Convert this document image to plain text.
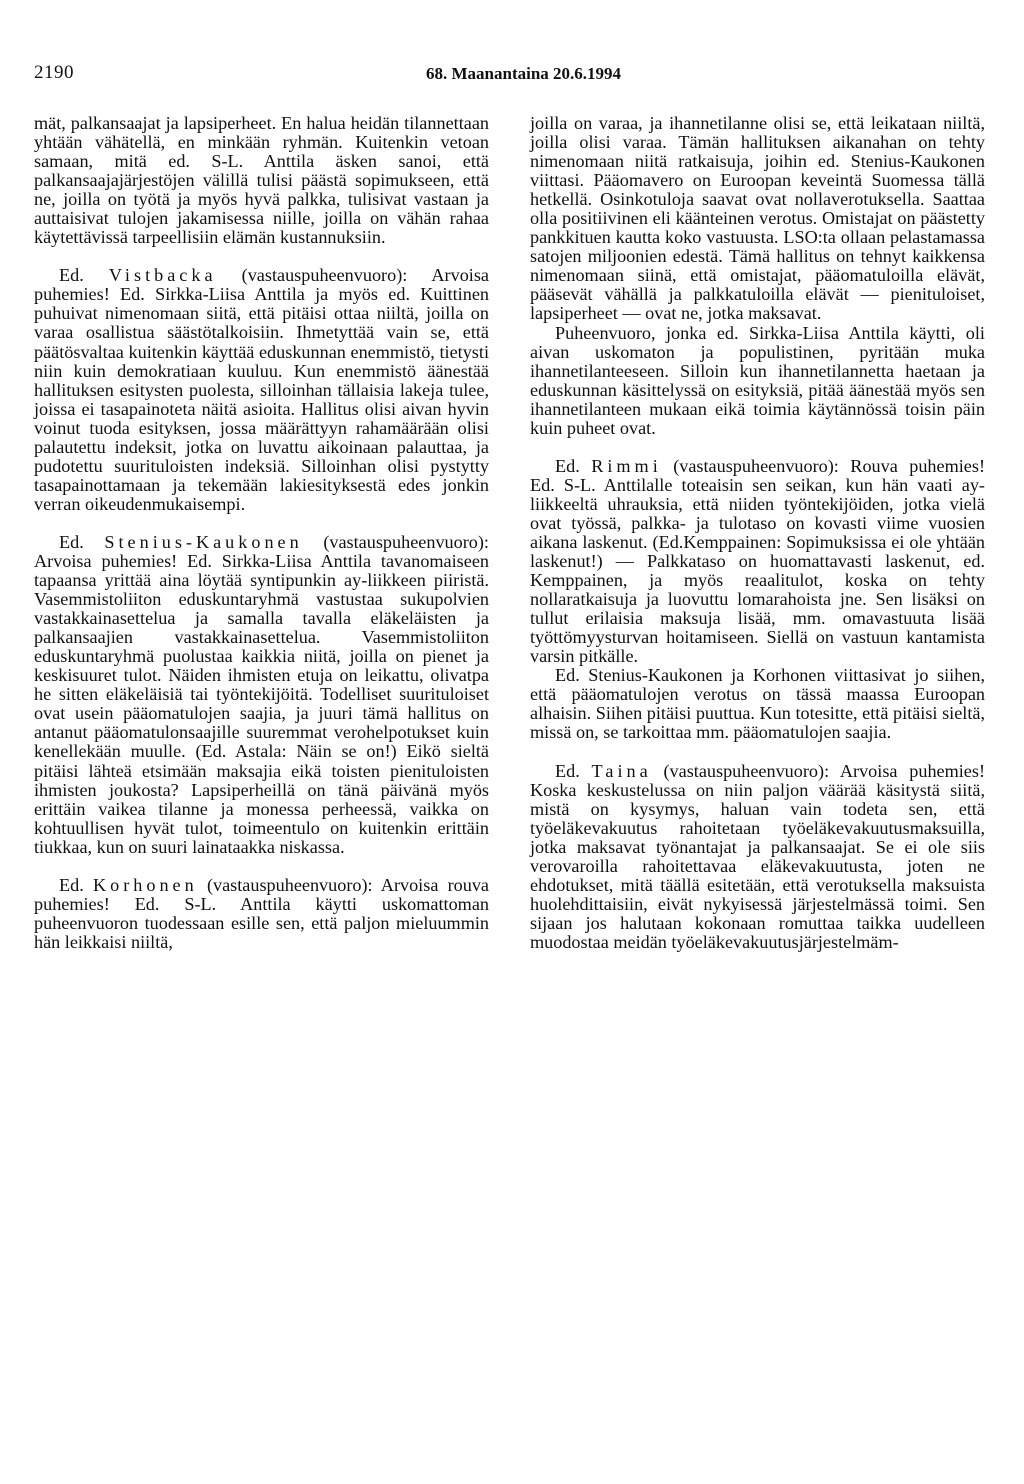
2190	68. Maanantaina 20.6.1994

mät, palkansaajat ja lapsiperheet. En halua heidän tilannettaan yhtään vähätellä, en minkään ryhmän. Kuitenkin vetoan samaan, mitä ed. S-L. Anttila äsken sanoi, että palkansaajajärjestöjen välillä tulisi päästä sopimukseen, että ne, joilla on työtä ja myös hyvä palkka, tulisivat vastaan ja auttaisivat tulojen jakamisessa niille, joilla on vähän rahaa käytettävissä tarpeellisiin elämän kustannuksiin.

Ed. Vistbacka (vastauspuheenvuoro): Arvoisa puhemies! Ed. Sirkka-Liisa Anttila ja myös ed. Kuittinen puhuivat nimenomaan siitä, että pitäisi ottaa niiltä, joilla on varaa osallistua säästötalkoisiin. Ihmetyttää vain se, että päätösvaltaa kuitenkin käyttää eduskunnan enemmistö, tietysti niin kuin demokratiaan kuuluu. Kun enemmistö äänestää hallituksen esitysten puolesta, silloinhan tällaisia lakeja tulee, joissa ei tasapainoteta näitä asioita. Hallitus olisi aivan hyvin voinut tuoda esityksen, jossa määrättyyn rahamäärään olisi palautettu indeksit, jotka on luvattu aikoinaan palauttaa, ja pudotettu suurituloisten indeksiä. Silloinhan olisi pystytty tasapainottamaan ja tekemään lakiesityksestä edes jonkin verran oikeudenmukaisempi.

Ed. Stenius-Kaukonen (vastauspuheenvuoro): Arvoisa puhemies! Ed. Sirkka-Liisa Anttila tavanomaiseen tapaansa yrittää aina löytää syntipunkin ay-liikkeen piiristä. Vasemmistoliiton eduskuntaryhmä vastustaa sukupolvien vastakkainasettelua ja samalla tavalla eläkeläisten ja palkansaajien vastakkainasettelua. Vasemmistoliiton eduskuntaryhmä puolustaa kaikkia niitä, joilla on pienet ja keskisuuret tulot. Näiden ihmisten etuja on leikattu, olivatpa he sitten eläkeläisiä tai työntekijöitä. Todelliset suurituloiset ovat usein pääomatulojen saajia, ja juuri tämä hallitus on antanut pääomatulonsaajille suuremmat verohelpotukset kuin kenellekään muulle. (Ed. Astala: Näin se on!) Eikö sieltä pitäisi lähteä etsimään maksajia eikä toisten pienituloisten ihmisten joukosta? Lapsiperheillä on tänä päivänä myös erittäin vaikea tilanne ja monessa perheessä, vaikka on kohtuullisen hyvät tulot, toimeentulo on kuitenkin erittäin tiukkaa, kun on suuri lainataakka niskassa.

Ed. Korhonen (vastauspuheenvuoro): Arvoisa rouva puhemies! Ed. S-L. Anttila käytti uskomattoman puheenvuoron tuodessaan esille sen, että paljon mieluummin hän leikkaisi niiltä,

joilla on varaa, ja ihannetilanne olisi se, että leikataan niiltä, joilla olisi varaa. Tämän hallituksen aikanahan on tehty nimenomaan niitä ratkaisuja, joihin ed. Stenius-Kaukonen viittasi. Pääomavero on Euroopan keveintä Suomessa tällä hetkellä. Osinkotuloja saavat ovat nollaverotuksella. Saattaa olla positiivinen eli käänteinen verotus. Omistajat on päästetty pankkituen kautta koko vastuusta. LSO:ta ollaan pelastamassa satojen miljoonien edestä. Tämä hallitus on tehnyt kaikkensa nimenomaan siinä, että omistajat, pääomatuloilla elävät, pääsevät vähällä ja palkkatuloilla elävät — pienituloiset, lapsiperheet — ovat ne, jotka maksavat.

Puheenvuoro, jonka ed. Sirkka-Liisa Anttila käytti, oli aivan uskomaton ja populistinen, pyritään muka ihannetilanteeseen. Silloin kun ihannetilannetta haetaan ja eduskunnan käsittelyssä on esityksiä, pitää äänestää myös sen ihannetilanteen mukaan eikä toimia käytännössä toisin päin kuin puheet ovat.

Ed. Rimmi (vastauspuheenvuoro): Rouva puhemies! Ed. S-L. Anttilalle toteaisin sen seikan, kun hän vaati ay-liikkeeltä uhrauksia, että niiden työntekijöiden, jotka vielä ovat työssä, palkka- ja tulotaso on kovasti viime vuosien aikana laskenut. (Ed.Kemppainen: Sopimuksissa ei ole yhtään laskenut!) — Palkkataso on huomattavasti laskenut, ed. Kemppainen, ja myös reaalitulot, koska on tehty nollaratkaisuja ja luovuttu lomarahoista jne. Sen lisäksi on tullut erilaisia maksuja lisää, mm. omavastuuta lisää työttömyysturvan hoitamiseen. Siellä on vastuun kantamista varsin pitkälle.

Ed. Stenius-Kaukonen ja Korhonen viittasivat jo siihen, että pääomatulojen verotus on tässä maassa Euroopan alhaisin. Siihen pitäisi puuttua. Kun totesitte, että pitäisi sieltä, missä on, se tarkoittaa mm. pääomatulojen saajia.

Ed. Taina (vastauspuheenvuoro): Arvoisa puhemies! Koska keskustelussa on niin paljon väärää käsitystä siitä, mistä on kysymys, haluan vain todeta sen, että työeläkevakuutus rahoitetaan työeläkevakuutusmaksuilla, jotka maksavat työnantajat ja palkansaajat. Se ei ole siis verovaroilla rahoitettavaa eläkevakuutusta, joten ne ehdotukset, mitä täällä esitetään, että verotuksella maksuista huolehdittaisiin, eivät nykyisessä järjestelmässä toimi. Sen sijaan jos halutaan kokonaan romuttaa taikka uudelleen muodostaa meidän työeläkevakuutusjärjestelmäm-
